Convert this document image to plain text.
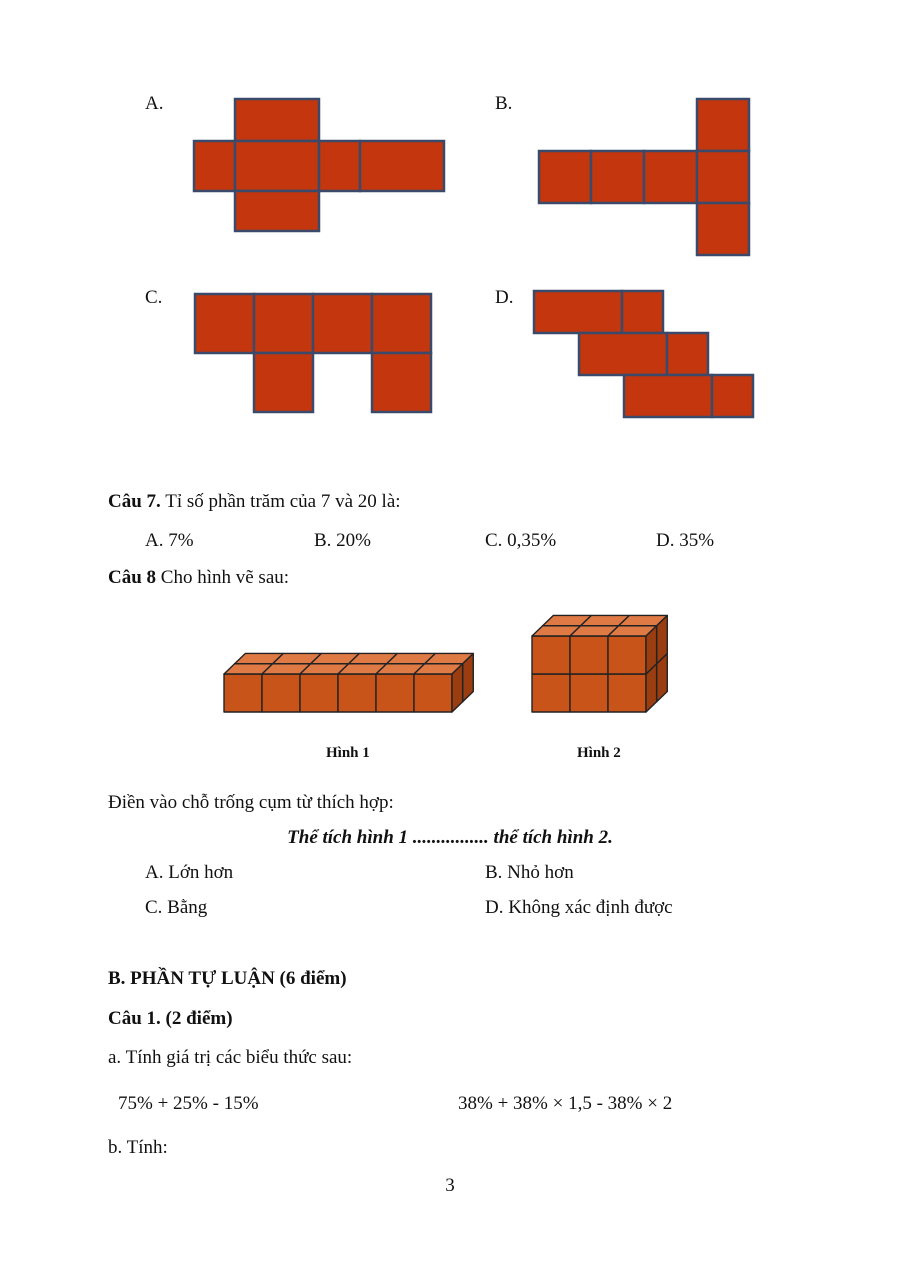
A.	B.
C.	D.
Câu 7. Tỉ số phần trăm của 7 và 20 là:
A. 7%	B. 20%	C. 0,35%	D. 35%
Câu 8 Cho hình vẽ sau:
Hình 1	Hình 2
Điền vào chỗ trống cụm từ thích hợp:
Thể tích hình 1 ................ thể tích hình 2.
A. Lớn hơn	B. Nhỏ hơn
C. Bằng	D. Không xác định được
B. PHẦN TỰ LUẬN (6 điểm)
Câu 1. (2 điểm)
a. Tính giá trị các biểu thức sau:
75% + 25% - 15%	38% + 38% × 1,5 - 38% × 2
b. Tính:
3
